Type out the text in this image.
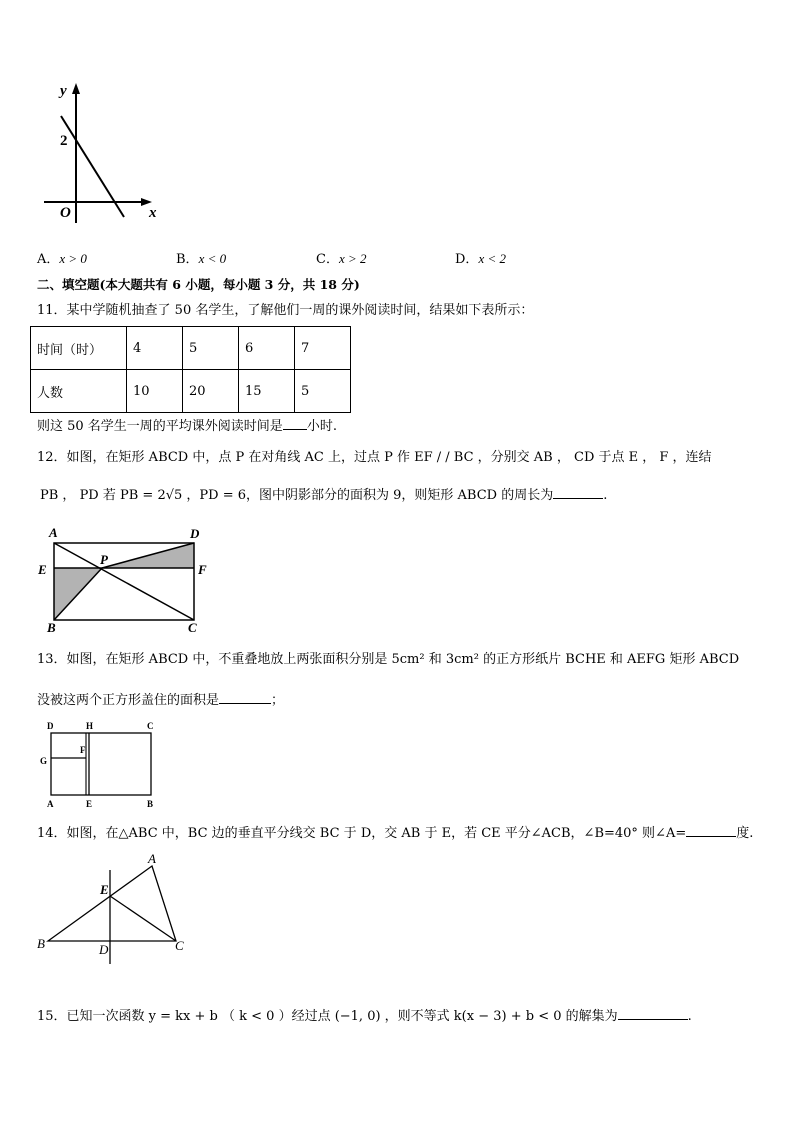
y
x
O
2
A．x > 0	B．x < 0	C．x > 2	D．x < 2
二、填空题(本大题共有 6 小题，每小题 3 分，共 18 分)
11．某中学随机抽查了 50 名学生，了解他们一周的课外阅读时间，结果如下表所示：
时间（时）	4	5	6	7
人数	10	20	15	5
则这 50 名学生一周的平均课外阅读时间是 小时.
12．如图，在矩形 ABCD 中，点 P 在对角线 AC 上，过点 P 作 EF / / BC ，分别交 AB ， CD 于点 E ， F ，连结
PB ， PD 若 PB = 2√5 ，PD = 6，图中阴影部分的面积为 9，则矩形 ABCD 的周长为	.
A	D
E	F
P
B	C
13．如图，在矩形 ABCD 中，不重叠地放上两张面积分别是 5cm² 和 3cm² 的正方形纸片 BCHE 和 AEFG 矩形 ABCD
没被这两个正方形盖住的面积是	；
D	H	C
F
G
A	E	B
14．如图，在△ABC 中，BC 边的垂直平分线交 BC 于 D，交 AB 于 E，若 CE 平分∠ACB，∠B=40° 则∠A=	度.
A
E
B	D	C
15．已知一次函数 y = kx + b （ k < 0 ）经过点 (−1, 0) ，则不等式 k(x − 3) + b < 0 的解集为	.
